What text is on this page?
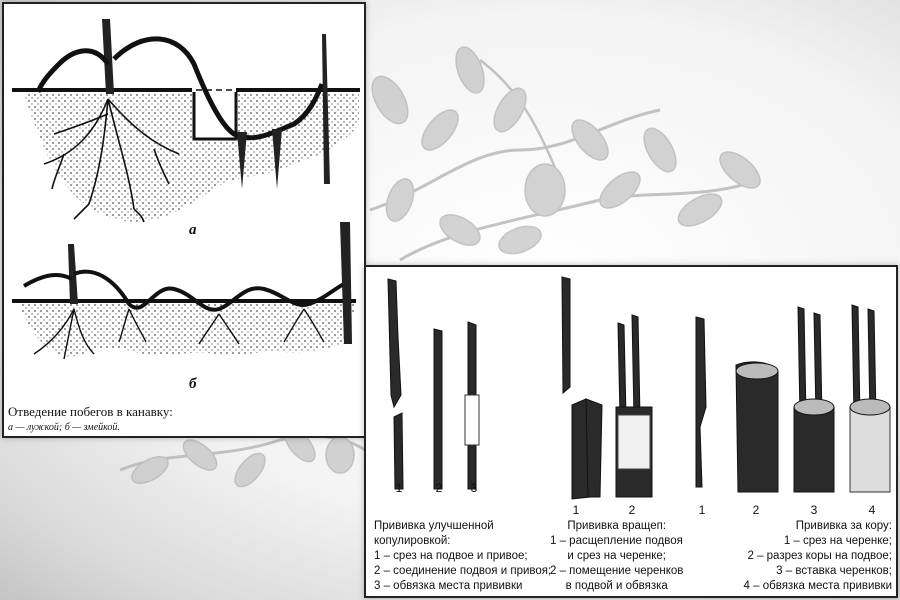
а
б
Отведение побегов в канавку:
а — лужкой; б — змейкой.
1	2	3
1	2	1	2	3	4
Прививка улучшенной
копулировкой:
1 – срез на подвое и привое;
2 – соединение подвоя и привоя;
3 – обвязка места прививки
Прививка вращеп:
1 – расщепление подвоя
и срез на черенке;
2 – помещение черенков
в подвой и обвязка
Прививка за кору:
1 – срез на черенке;
2 – разрез коры на подвое;
3 – вставка черенков;
4 – обвязка места прививки
